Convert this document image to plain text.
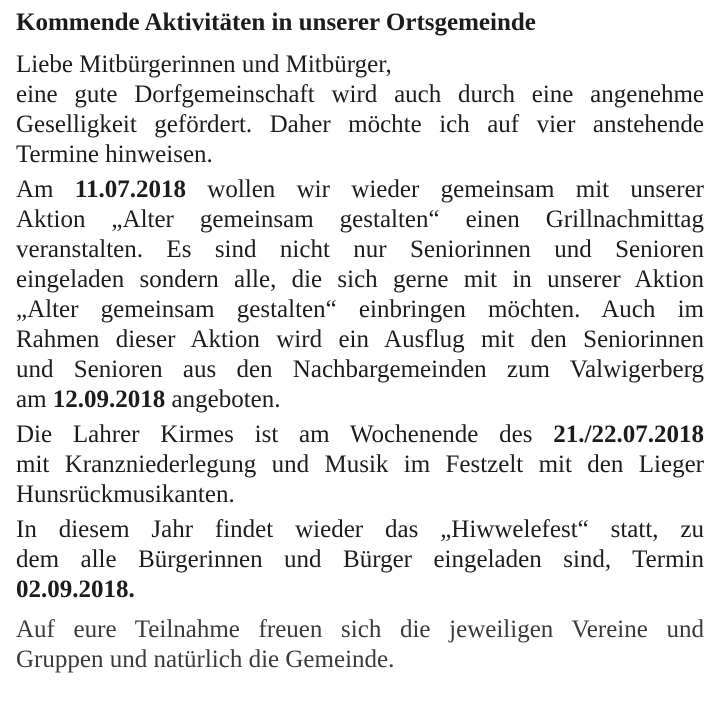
Kommende Aktivitäten in unserer Ortsgemeinde
Liebe Mitbürgerinnen und Mitbürger,
eine gute Dorfgemeinschaft wird auch durch eine angenehme
Geselligkeit gefördert. Daher möchte ich auf vier anstehende
Termine hinweisen.
Am 11.07.2018 wollen wir wieder gemeinsam mit unserer
Aktion „Alter gemeinsam gestalten“ einen Grillnachmittag
veranstalten. Es sind nicht nur Seniorinnen und Senioren
eingeladen sondern alle, die sich gerne mit in unserer Aktion
„Alter gemeinsam gestalten“ einbringen möchten. Auch im
Rahmen dieser Aktion wird ein Ausflug mit den Seniorinnen
und Senioren aus den Nachbargemeinden zum Valwigerberg
am 12.09.2018 angeboten.
Die Lahrer Kirmes ist am Wochenende des 21./22.07.2018
mit Kranzniederlegung und Musik im Festzelt mit den Lieger
Hunsrückmusikanten.
In diesem Jahr findet wieder das „Hiwwelefest“ statt, zu
dem alle Bürgerinnen und Bürger eingeladen sind, Termin
02.09.2018.
Auf eure Teilnahme freuen sich die jeweiligen Vereine und
Gruppen und natürlich die Gemeinde.
